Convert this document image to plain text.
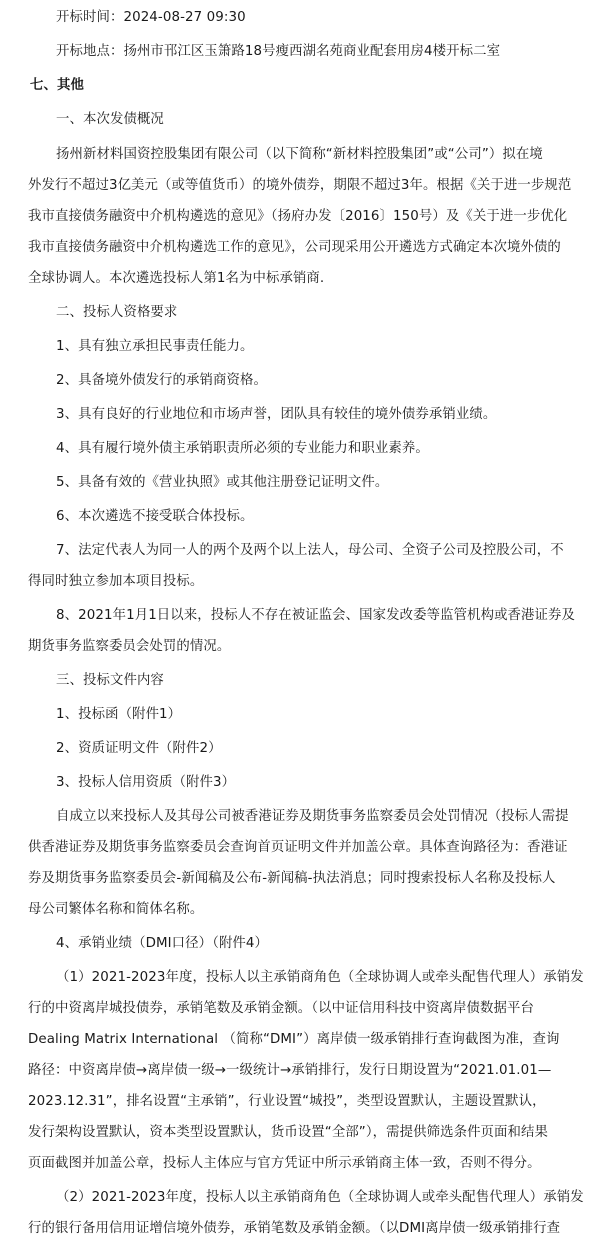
开标时间：2024-08-27 09:30
开标地点：扬州市邗江区玉箫路18号瘦西湖名苑商业配套用房4楼开标二室
七、其他
一、本次发债概况
扬州新材料国资控股集团有限公司（以下简称“新材料控股集团”或“公司”）拟在境
外发行不超过3亿美元（或等值货币）的境外债券，期限不超过3年。根据《关于进一步规范
我市直接债务融资中介机构遴选的意见》（扬府办发〔2016〕150号）及《关于进一步优化
我市直接债务融资中介机构遴选工作的意见》，公司现采用公开遴选方式确定本次境外债的
全球协调人。本次遴选投标人第1名为中标承销商.
二、投标人资格要求
1、具有独立承担民事责任能力。
2、具备境外债发行的承销商资格。
3、具有良好的行业地位和市场声誉，团队具有较佳的境外债券承销业绩。
4、具有履行境外债主承销职责所必须的专业能力和职业素养。
5、具备有效的《营业执照》或其他注册登记证明文件。
6、本次遴选不接受联合体投标。
7、法定代表人为同一人的两个及两个以上法人，母公司、全资子公司及控股公司，不
得同时独立参加本项目投标。
8、2021年1月1日以来，投标人不存在被证监会、国家发改委等监管机构或香港证券及
期货事务监察委员会处罚的情况。
三、投标文件内容
1、投标函（附件1）
2、资质证明文件（附件2）
3、投标人信用资质（附件3）
自成立以来投标人及其母公司被香港证券及期货事务监察委员会处罚情况（投标人需提
供香港证券及期货事务监察委员会查询首页证明文件并加盖公章。具体查询路径为：香港证
券及期货事务监察委员会-新闻稿及公布-新闻稿-执法消息；同时搜索投标人名称及投标人
母公司繁体名称和简体名称。
4、承销业绩（DMI口径）（附件4）
（1）2021-2023年度，投标人以主承销商角色（全球协调人或牵头配售代理人）承销发
行的中资离岸城投债券，承销笔数及承销金额。（以中证信用科技中资离岸债数据平台
Dealing Matrix International （简称“DMI”）离岸债一级承销排行查询截图为准，查询
路径：中资离岸债→离岸债一级→一级统计→承销排行，发行日期设置为“2021.01.01—
2023.12.31”，排名设置“主承销”，行业设置“城投”，类型设置默认，主题设置默认，
发行架构设置默认，资本类型设置默认，货币设置“全部”），需提供筛选条件页面和结果
页面截图并加盖公章，投标人主体应与官方凭证中所示承销商主体一致，否则不得分。
（2）2021-2023年度，投标人以主承销商角色（全球协调人或牵头配售代理人）承销发
行的银行备用信用证增信境外债券，承销笔数及承销金额。（以DMI离岸债一级承销排行查
